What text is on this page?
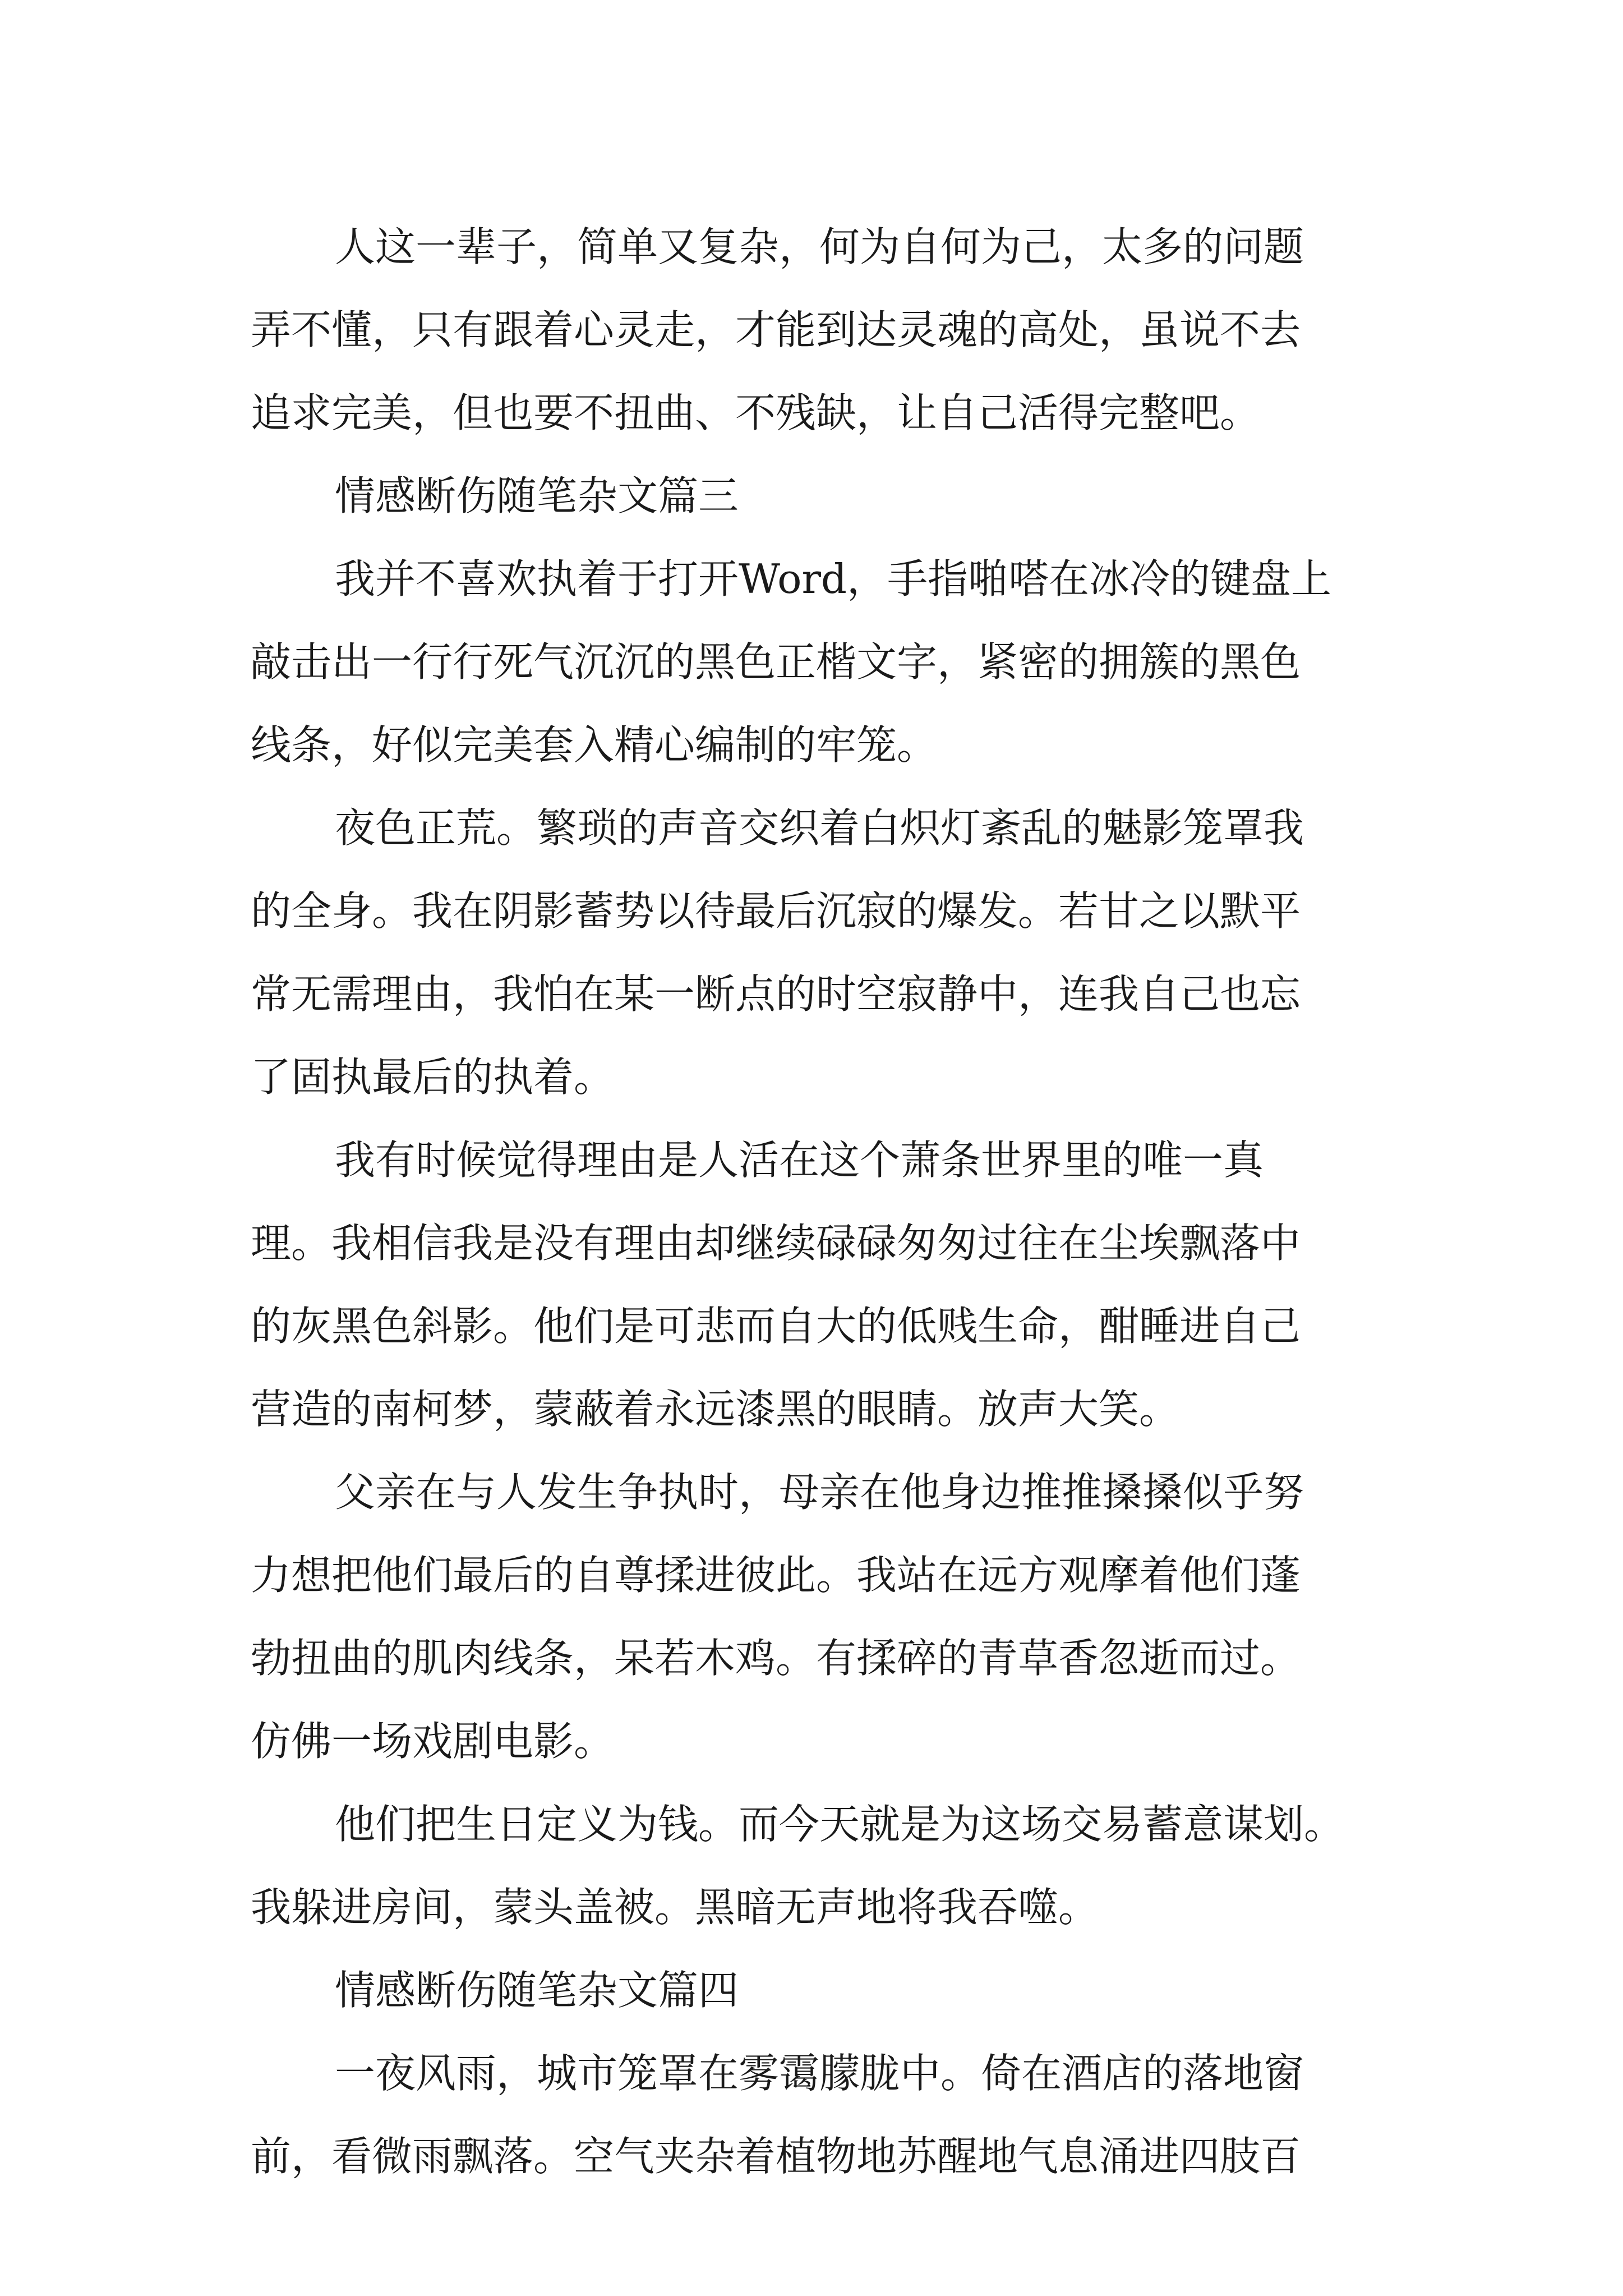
人这一辈子，简单又复杂，何为自何为己，太多的问题
弄不懂，只有跟着心灵走，才能到达灵魂的高处，虽说不去
追求完美，但也要不扭曲、不残缺，让自己活得完整吧。
情感断伤随笔杂文篇三
我并不喜欢执着于打开Word，手指啪嗒在冰冷的键盘上
敲击出一行行死气沉沉的黑色正楷文字，紧密的拥簇的黑色
线条，好似完美套入精心编制的牢笼。
夜色正荒。繁琐的声音交织着白炽灯紊乱的魅影笼罩我
的全身。我在阴影蓄势以待最后沉寂的爆发。若甘之以默平
常无需理由，我怕在某一断点的时空寂静中，连我自己也忘
了固执最后的执着。
我有时候觉得理由是人活在这个萧条世界里的唯一真
理。我相信我是没有理由却继续碌碌匆匆过往在尘埃飘落中
的灰黑色斜影。他们是可悲而自大的低贱生命，酣睡进自己
营造的南柯梦，蒙蔽着永远漆黑的眼睛。放声大笑。
父亲在与人发生争执时，母亲在他身边推推搡搡似乎努
力想把他们最后的自尊揉进彼此。我站在远方观摩着他们蓬
勃扭曲的肌肉线条，呆若木鸡。有揉碎的青草香忽逝而过。
仿佛一场戏剧电影。
他们把生日定义为钱。而今天就是为这场交易蓄意谋划。
我躲进房间，蒙头盖被。黑暗无声地将我吞噬。
情感断伤随笔杂文篇四
一夜风雨，城市笼罩在雾霭朦胧中。倚在酒店的落地窗
前，看微雨飘落。空气夹杂着植物地苏醒地气息涌进四肢百
